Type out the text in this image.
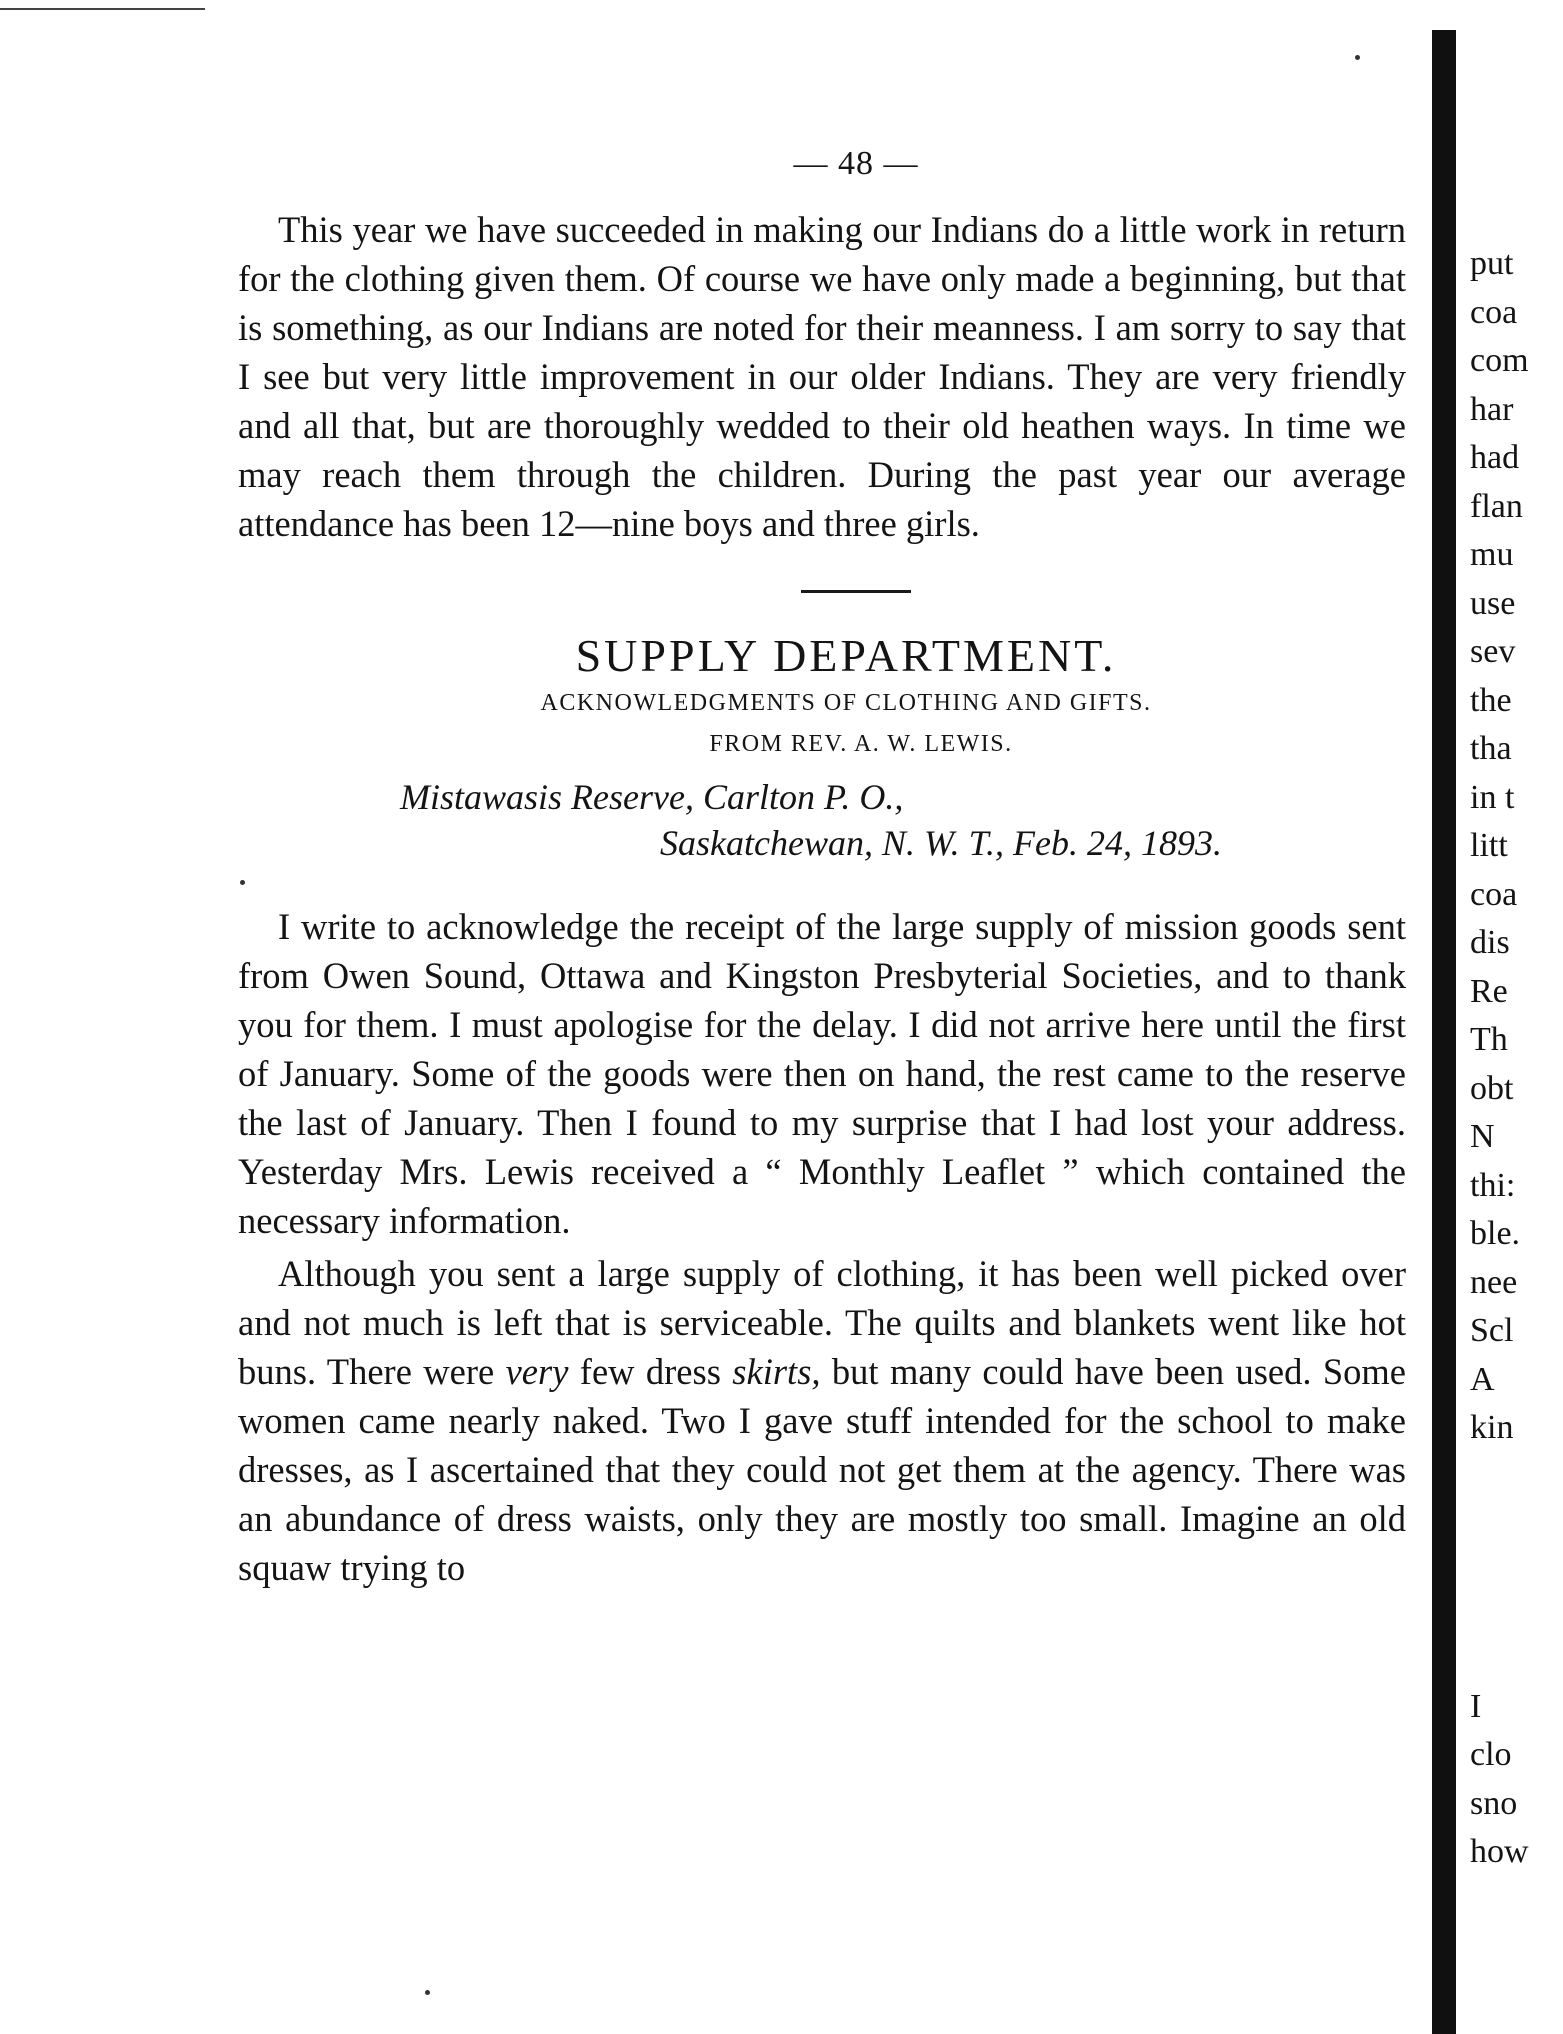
— 48 —

This year we have succeeded in making our Indians do a little work in return for the clothing given them. Of course we have only made a beginning, but that is something, as our Indians are noted for their meanness. I am sorry to say that I see but very little improvement in our older Indians. They are very friendly and all that, but are thoroughly wedded to their old heathen ways. In time we may reach them through the children. During the past year our average attendance has been 12—nine boys and three girls.

SUPPLY DEPARTMENT.
ACKNOWLEDGMENTS OF CLOTHING AND GIFTS.
FROM REV. A. W. LEWIS.
Mistawasis Reserve, Carlton P. O.,
Saskatchewan, N. W. T., Feb. 24, 1893.

I write to acknowledge the receipt of the large supply of mission goods sent from Owen Sound, Ottawa and Kingston Presbyterial Societies, and to thank you for them. I must apologise for the delay. I did not arrive here until the first of January. Some of the goods were then on hand, the rest came to the reserve the last of January. Then I found to my surprise that I had lost your address. Yesterday Mrs. Lewis received a “ Monthly Leaflet ” which contained the necessary information.

Although you sent a large supply of clothing, it has been well picked over and not much is left that is serviceable. The quilts and blankets went like hot buns. There were very few dress skirts, but many could have been used. Some women came nearly naked. Two I gave stuff intended for the school to make dresses, as I ascertained that they could not get them at the agency. There was an abundance of dress waists, only they are mostly too small. Imagine an old squaw trying to

put
coa
com
har
had
flan
mu
use
sev
the
tha
in t
litt
coa
dis
Re
Th
obt
N
thi:
ble.
nee
Scl
A
kin
I
clo
sno
how
